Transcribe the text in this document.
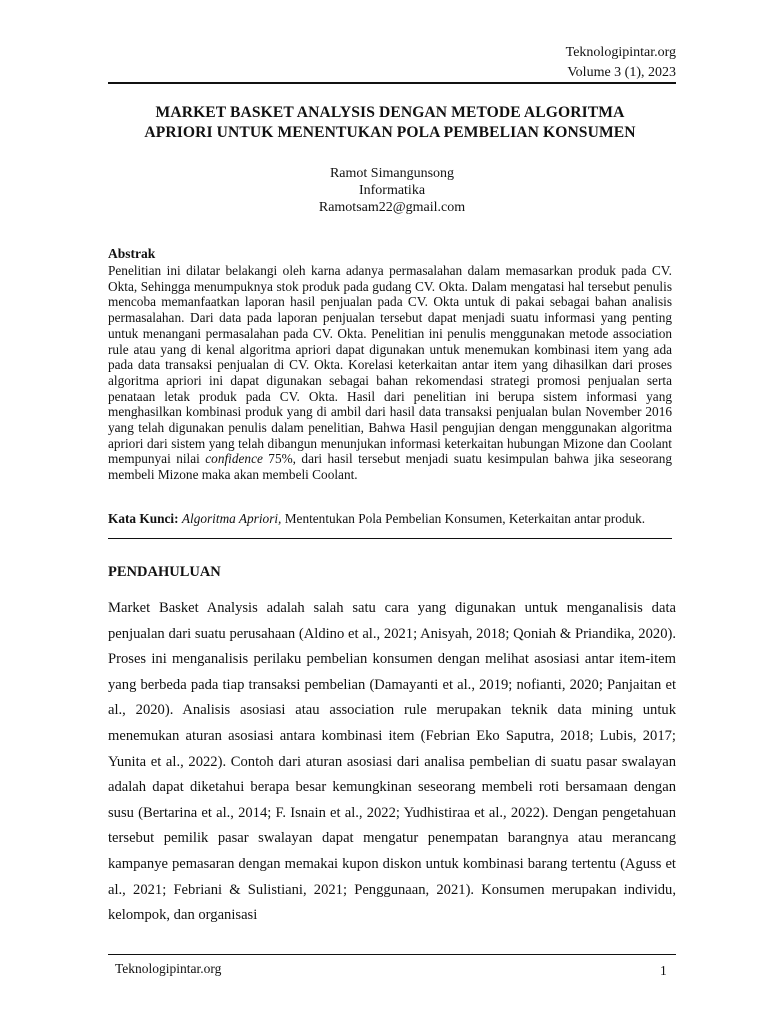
Teknologipintar.org
Volume 3 (1), 2023
MARKET BASKET ANALYSIS DENGAN METODE ALGORITMA
APRIORI UNTUK MENENTUKAN POLA PEMBELIAN KONSUMEN
Ramot Simangunsong
Informatika
Ramotsam22@gmail.com
Abstrak
Penelitian ini dilatar belakangi oleh karna adanya permasalahan dalam memasarkan produk pada CV. Okta, Sehingga menumpuknya stok produk pada gudang CV. Okta. Dalam mengatasi hal tersebut penulis mencoba memanfaatkan laporan hasil penjualan pada CV. Okta untuk di pakai sebagai bahan analisis permasalahan. Dari data pada laporan penjualan tersebut dapat menjadi suatu informasi yang penting untuk menangani permasalahan pada CV. Okta. Penelitian ini penulis menggunakan metode association rule atau yang di kenal algoritma apriori dapat digunakan untuk menemukan kombinasi item yang ada pada data transaksi penjualan di CV. Okta. Korelasi keterkaitan antar item yang dihasilkan dari proses algoritma apriori ini dapat digunakan sebagai bahan rekomendasi strategi promosi penjualan serta penataan letak produk pada CV. Okta. Hasil dari penelitian ini berupa sistem informasi yang menghasilkan kombinasi produk yang di ambil dari hasil data transaksi penjualan bulan November 2016 yang telah digunakan penulis dalam penelitian, Bahwa Hasil pengujian dengan menggunakan algoritma apriori dari sistem yang telah dibangun menunjukan informasi keterkaitan hubungan Mizone dan Coolant mempunyai nilai confidence 75%, dari hasil tersebut menjadi suatu kesimpulan bahwa jika seseorang membeli Mizone maka akan membeli Coolant.
Kata Kunci: Algoritma Apriori, Mententukan Pola Pembelian Konsumen, Keterkaitan antar produk.
PENDAHULUAN
Market Basket Analysis adalah salah satu cara yang digunakan untuk menganalisis data penjualan dari suatu perusahaan (Aldino et al., 2021; Anisyah, 2018; Qoniah & Priandika, 2020). Proses ini menganalisis perilaku pembelian konsumen dengan melihat asosiasi antar item-item yang berbeda pada tiap transaksi pembelian (Damayanti et al., 2019; nofianti, 2020; Panjaitan et al., 2020). Analisis asosiasi atau association rule merupakan teknik data mining untuk menemukan aturan asosiasi antara kombinasi item (Febrian Eko Saputra, 2018; Lubis, 2017; Yunita et al., 2022). Contoh dari aturan asosiasi dari analisa pembelian di suatu pasar swalayan adalah dapat diketahui berapa besar kemungkinan seseorang membeli roti bersamaan dengan susu (Bertarina et al., 2014; F. Isnain et al., 2022; Yudhistiraa et al., 2022). Dengan pengetahuan tersebut pemilik pasar swalayan dapat mengatur penempatan barangnya atau merancang kampanye pemasaran dengan memakai kupon diskon untuk kombinasi barang tertentu (Aguss et al., 2021; Febriani & Sulistiani, 2021; Penggunaan, 2021). Konsumen merupakan individu, kelompok, dan organisasi
Teknologipintar.org	1
